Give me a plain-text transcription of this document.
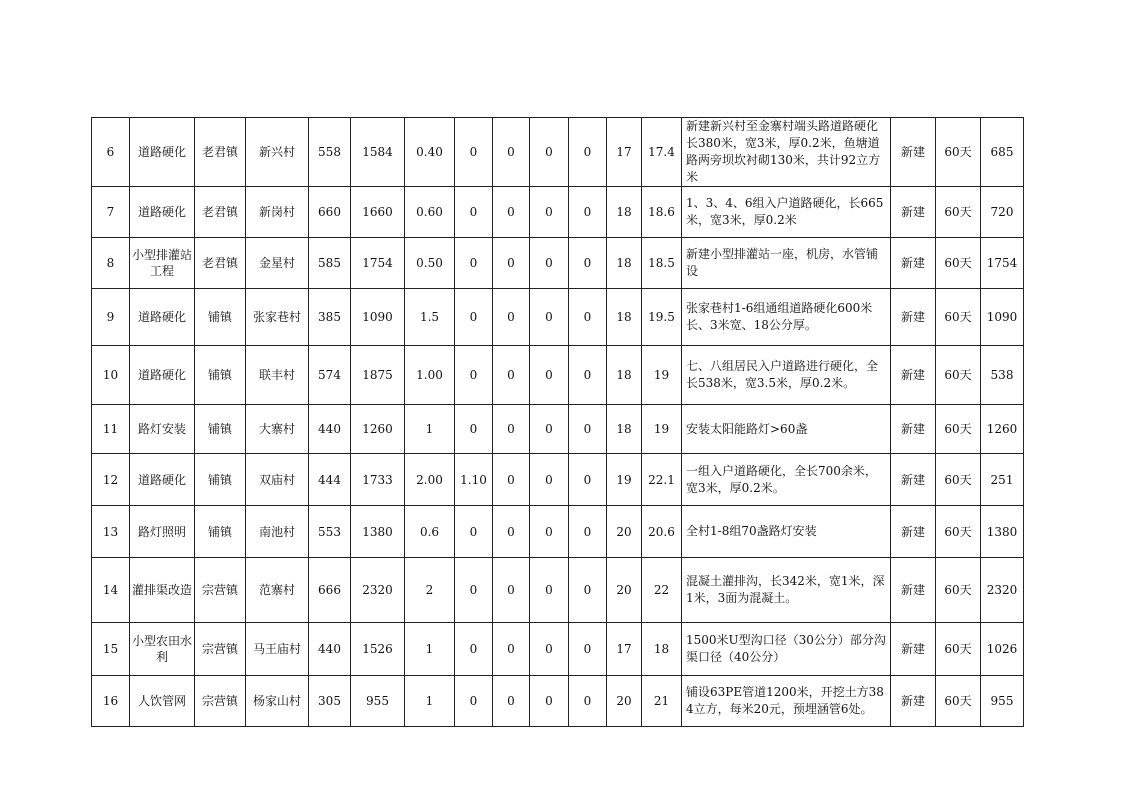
6	道路硬化	老君镇	新兴村	558	1584	0.40	0	0	0	0	17	17.4	新建新兴村至金寨村端头路道路硬化长380米，宽3米，厚0.2米，鱼塘道路两旁坝坎衬砌130米，共计92立方米	新建	60天	685
7	道路硬化	老君镇	新岗村	660	1660	0.60	0	0	0	0	18	18.6	1、3、4、6组入户道路硬化，长665米，宽3米，厚0.2米	新建	60天	720
8	小型排灌站工程	老君镇	金星村	585	1754	0.50	0	0	0	0	18	18.5	新建小型排灌站一座，机房，水管铺设	新建	60天	1754
9	道路硬化	铺镇	张家巷村	385	1090	1.5	0	0	0	0	18	19.5	张家巷村1-6组通组道路硬化600米长、3米宽、18公分厚。	新建	60天	1090
10	道路硬化	铺镇	联丰村	574	1875	1.00	0	0	0	0	18	19	七、八组居民入户道路进行硬化，全长538米，宽3.5米，厚0.2米。	新建	60天	538
11	路灯安装	铺镇	大寨村	440	1260	1	0	0	0	0	18	19	安装太阳能路灯>60盏	新建	60天	1260
12	道路硬化	铺镇	双庙村	444	1733	2.00	1.10	0	0	0	19	22.1	一组入户道路硬化，全长700余米，宽3米，厚0.2米。	新建	60天	251
13	路灯照明	铺镇	南池村	553	1380	0.6	0	0	0	0	20	20.6	全村1-8组70盏路灯安装	新建	60天	1380
14	灌排渠改造	宗营镇	范寨村	666	2320	2	0	0	0	0	20	22	混凝土灌排沟，长342米，宽1米，深1米，3面为混凝土。	新建	60天	2320
15	小型农田水利	宗营镇	马王庙村	440	1526	1	0	0	0	0	17	18	1500米U型沟口径（30公分）部分沟渠口径（40公分）	新建	60天	1026
16	人饮管网	宗营镇	杨家山村	305	955	1	0	0	0	0	20	21	铺设63PE管道1200米，开挖土方384立方，每米20元，预埋涵管6处。	新建	60天	955
